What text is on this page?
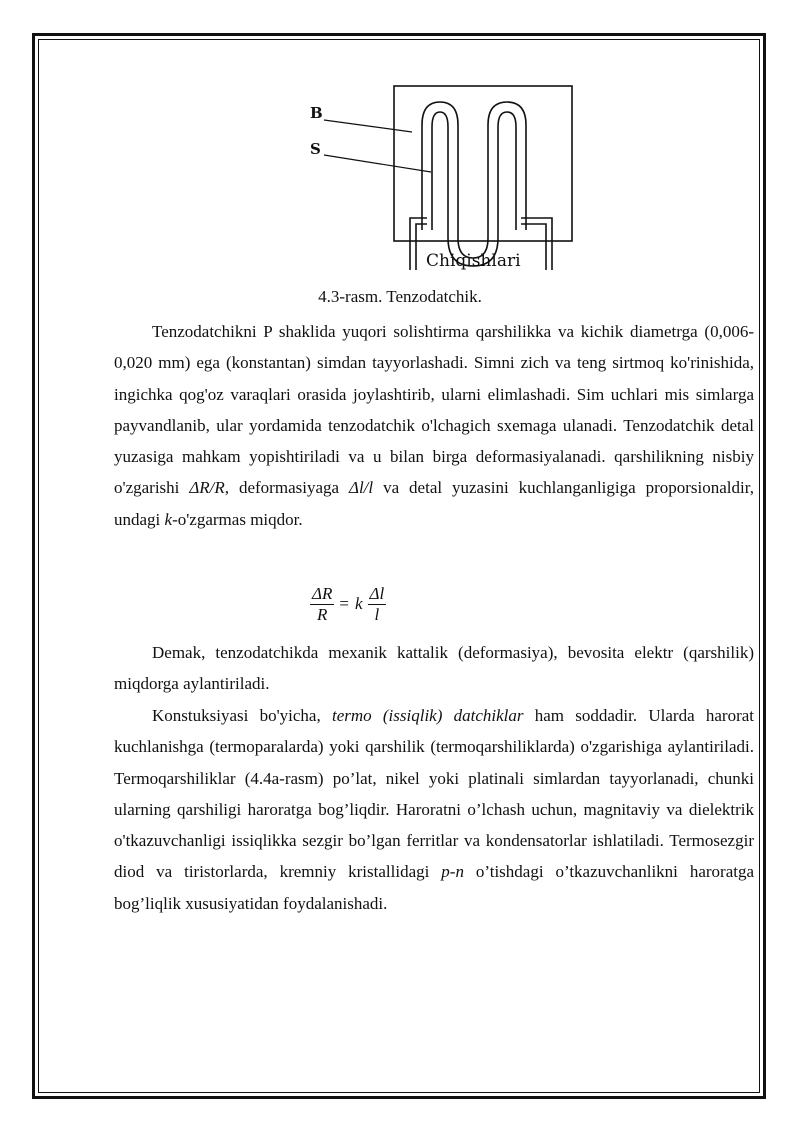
B
S
Chiqishlari
4.3-rasm. Tenzodatchik.
Tenzodatchikni P shaklida yuqori solishtirma qarshilikka va kichik diametrga (0,006-0,020 mm) ega (konstantan) simdan tayyorlashadi. Simni zich va teng sirtmoq ko'rinishida, ingichka qog'oz varaqlari orasida joylashtirib, ularni elimlashadi. Sim uchlari mis simlarga payvandlanib, ular yordamida tenzodatchik o'lchagich sxemaga ulanadi. Tenzodatchik detal yuzasiga mahkam yopishtiriladi va u bilan birga deformasiyalanadi. qarshilikning nisbiy o'zgarishi ΔR/R, deformasiyaga Δl/l va detal yuzasini kuchlanganligiga proporsionaldir, undagi k-o'zgarmas miqdor.
$\frac{\Delta R}{R} = k \frac{\Delta l}{l}$
Demak, tenzodatchikda mexanik kattalik (deformasiya), bevosita elektr (qarshilik) miqdorga aylantiriladi.
Konstuksiyasi bo'yicha, termo (issiqlik) datchiklar ham soddadir. Ularda harorat kuchlanishga (termoparalarda) yoki qarshilik (termoqarshiliklarda) o'zgarishiga aylantiriladi. Termoqarshiliklar (4.4a-rasm) po’lat, nikel yoki platinali simlardan tayyorlanadi, chunki ularning qarshiligi haroratga bog’liqdir. Haroratni o’lchash uchun, magnitaviy va dielektrik o'tkazuvchanligi issiqlikka sezgir bo’lgan ferritlar va kondensatorlar ishlatiladi. Termosezgir diod va tiristorlarda, kremniy kristallidagi p-n o’tishdagi o’tkazuvchanlikni haroratga bog’liqlik xususiyatidan foydalanishadi.
